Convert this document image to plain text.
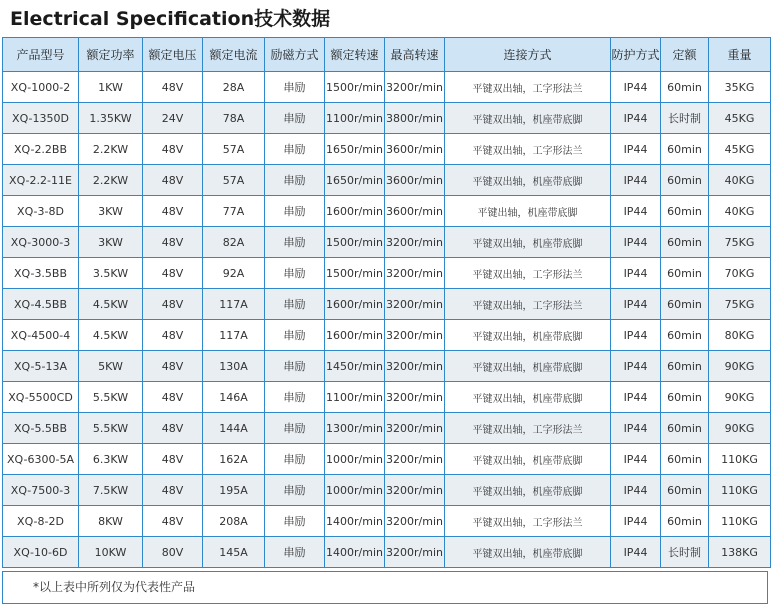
Electrical Specification技术数据
产品型号	额定功率	额定电压	额定电流	励磁方式	额定转速	最高转速	连接方式	防护方式	定额	重量
XQ-1000-2	1KW	48V	28A	串励	1500r/min	3200r/min	平键双出轴，工字形法兰	IP44	60min	35KG
XQ-1350D	1.35KW	24V	78A	串励	1100r/min	3800r/min	平键双出轴，机座带底脚	IP44	长时制	45KG
XQ-2.2BB	2.2KW	48V	57A	串励	1650r/min	3600r/min	平键双出轴，工字形法兰	IP44	60min	45KG
XQ-2.2-11E	2.2KW	48V	57A	串励	1650r/min	3600r/min	平键双出轴，机座带底脚	IP44	60min	40KG
XQ-3-8D	3KW	48V	77A	串励	1600r/min	3600r/min	平键出轴，机座带底脚	IP44	60min	40KG
XQ-3000-3	3KW	48V	82A	串励	1500r/min	3200r/min	平键双出轴，机座带底脚	IP44	60min	75KG
XQ-3.5BB	3.5KW	48V	92A	串励	1500r/min	3200r/min	平键双出轴，工字形法兰	IP44	60min	70KG
XQ-4.5BB	4.5KW	48V	117A	串励	1600r/min	3200r/min	平键双出轴，工字形法兰	IP44	60min	75KG
XQ-4500-4	4.5KW	48V	117A	串励	1600r/min	3200r/min	平键双出轴，机座带底脚	IP44	60min	80KG
XQ-5-13A	5KW	48V	130A	串励	1450r/min	3200r/min	平键双出轴，机座带底脚	IP44	60min	90KG
XQ-5500CD	5.5KW	48V	146A	串励	1100r/min	3200r/min	平键双出轴，机座带底脚	IP44	60min	90KG
XQ-5.5BB	5.5KW	48V	144A	串励	1300r/min	3200r/min	平键双出轴，工字形法兰	IP44	60min	90KG
XQ-6300-5A	6.3KW	48V	162A	串励	1000r/min	3200r/min	平键双出轴，机座带底脚	IP44	60min	110KG
XQ-7500-3	7.5KW	48V	195A	串励	1000r/min	3200r/min	平键双出轴，机座带底脚	IP44	60min	110KG
XQ-8-2D	8KW	48V	208A	串励	1400r/min	3200r/min	平键双出轴，工字形法兰	IP44	60min	110KG
XQ-10-6D	10KW	80V	145A	串励	1400r/min	3200r/min	平键双出轴，机座带底脚	IP44	长时制	138KG
*以上表中所列仅为代表性产品
